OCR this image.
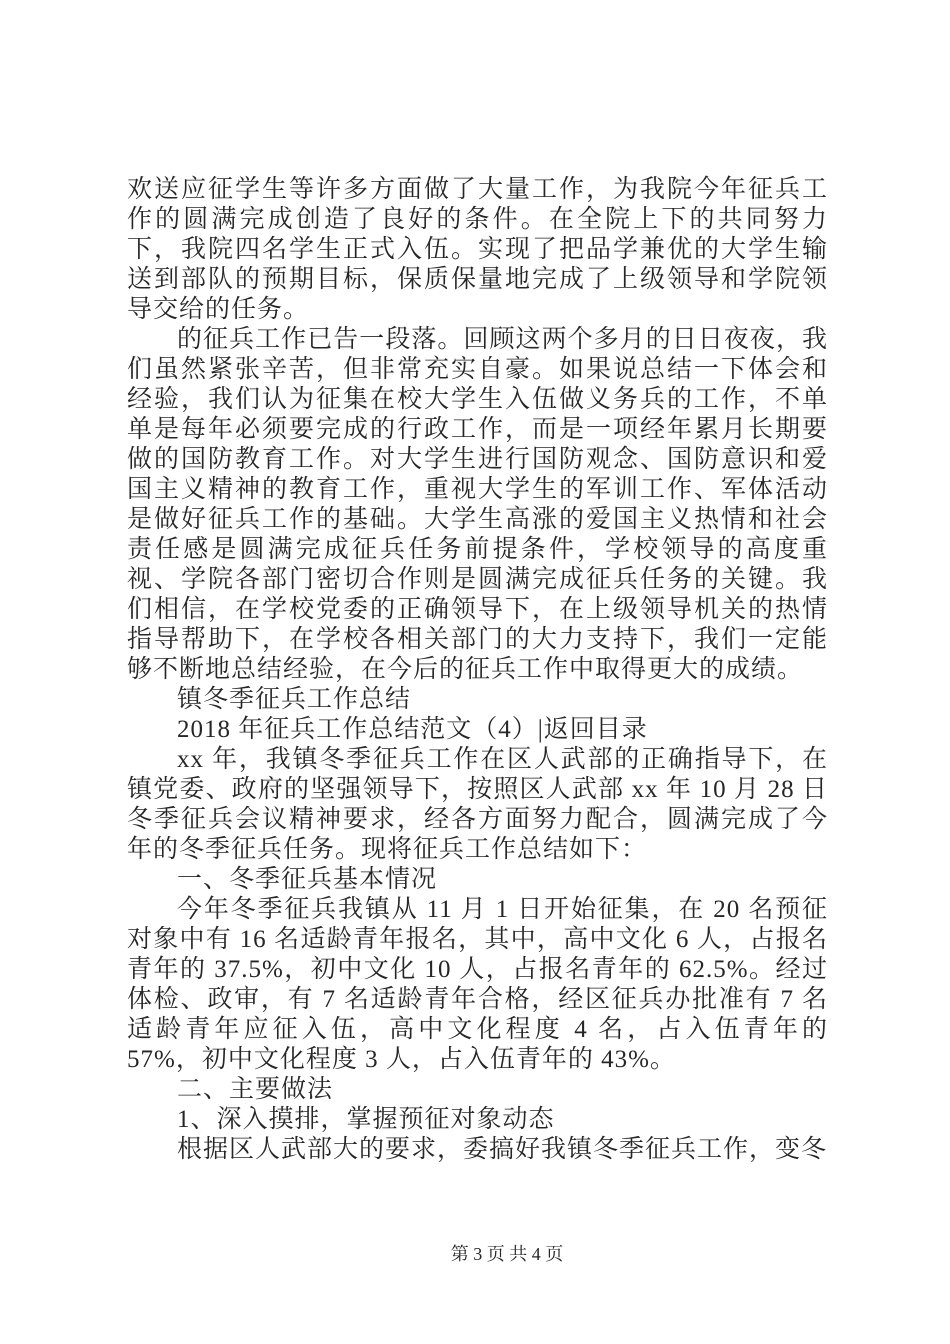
欢送应征学生等许多方面做了大量工作，为我院今年征兵工作的圆满完成创造了良好的条件。在全院上下的共同努力下，我院四名学生正式入伍。实现了把品学兼优的大学生输送到部队的预期目标，保质保量地完成了上级领导和学院领导交给的任务。

的征兵工作已告一段落。回顾这两个多月的日日夜夜，我们虽然紧张辛苦，但非常充实自豪。如果说总结一下体会和经验，我们认为征集在校大学生入伍做义务兵的工作，不单单是每年必须要完成的行政工作，而是一项经年累月长期要做的国防教育工作。对大学生进行国防观念、国防意识和爱国主义精神的教育工作，重视大学生的军训工作、军体活动是做好征兵工作的基础。大学生高涨的爱国主义热情和社会责任感是圆满完成征兵任务前提条件，学校领导的高度重视、学院各部门密切合作则是圆满完成征兵任务的关键。我们相信，在学校党委的正确领导下，在上级领导机关的热情指导帮助下，在学校各相关部门的大力支持下，我们一定能够不断地总结经验，在今后的征兵工作中取得更大的成绩。

镇冬季征兵工作总结

2018 年征兵工作总结范文（4）|返回目录

xx 年，我镇冬季征兵工作在区人武部的正确指导下，在镇党委、政府的坚强领导下，按照区人武部 xx 年 10 月 28 日冬季征兵会议精神要求，经各方面努力配合，圆满完成了今年的冬季征兵任务。现将征兵工作总结如下：

一、冬季征兵基本情况

今年冬季征兵我镇从 11 月 1 日开始征集，在 20 名预征对象中有 16 名适龄青年报名，其中，高中文化 6 人，占报名青年的 37.5%，初中文化 10 人，占报名青年的 62.5%。经过体检、政审，有 7 名适龄青年合格，经区征兵办批准有 7 名适龄青年应征入伍，高中文化程度 4 名，占入伍青年的 57%，初中文化程度 3 人，占入伍青年的 43%。

二、主要做法

1、深入摸排，掌握预征对象动态

根据区人武部大的要求，委搞好我镇冬季征兵工作，变冬

第 3 页 共 4 页
